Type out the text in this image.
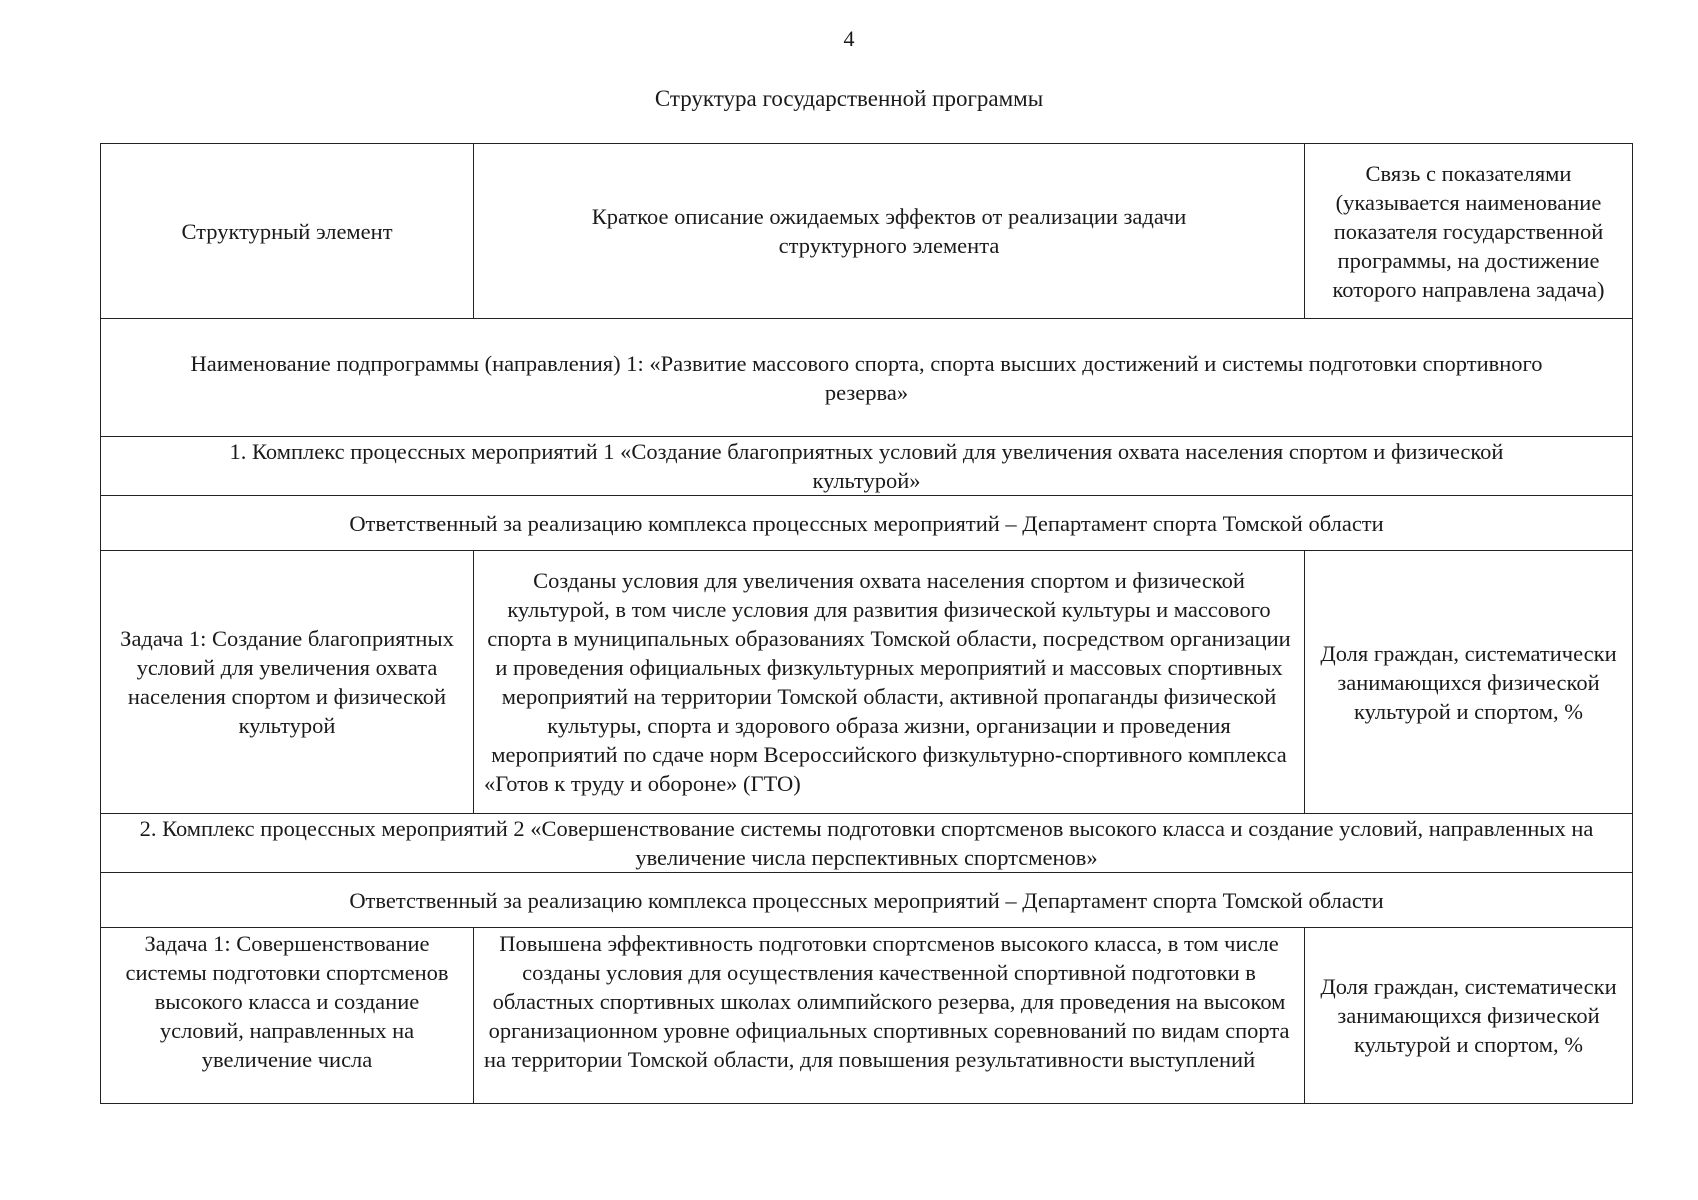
4
Структура государственной программы
Структурный элемент	Краткое описание ожидаемых эффектов от реализации задачи структурного элемента	Связь с показателями (указывается наименование показателя государственной программы, на достижение которого направлена задача)
Наименование подпрограммы (направления) 1: «Развитие массового спорта, спорта высших достижений и системы подготовки спортивного резерва»		
1. Комплекс процессных мероприятий 1 «Создание благоприятных условий для увеличения охвата населения спортом и физической культурой»		
Ответственный за реализацию комплекса процессных мероприятий – Департамент спорта Томской области		
Задача 1: Создание благоприятных условий для увеличения охвата населения спортом и физической культурой	Созданы условия для увеличения охвата населения спортом и физической культурой, в том числе условия для развития физической культуры и массового спорта в муниципальных образованиях Томской области, посредством организации и проведения официальных физкультурных мероприятий и массовых спортивных мероприятий на территории Томской области, активной пропаганды физической культуры, спорта и здорового образа жизни, организации и проведения мероприятий по сдаче норм Всероссийского физкультурно-спортивного комплекса «Готов к труду и обороне» (ГТО)	Доля граждан, систематически занимающихся физической культурой и спортом, %
2. Комплекс процессных мероприятий 2 «Совершенствование системы подготовки спортсменов высокого класса и создание условий, направленных на увеличение числа перспективных спортсменов»		
Ответственный за реализацию комплекса процессных мероприятий – Департамент спорта Томской области		

Задача 1: Совершенствование системы подготовки спортсменов высокого класса и создание условий, направленных на увеличение числа	Повышена эффективность подготовки спортсменов высокого класса, в том числе созданы условия для осуществления качественной спортивной подготовки в областных спортивных школах олимпийского резерва, для проведения на высоком организационном уровне официальных спортивных соревнований по видам спорта на территории Томской области, для повышения результативности выступлений	Доля граждан, систематически занимающихся физической культурой и спортом, %
